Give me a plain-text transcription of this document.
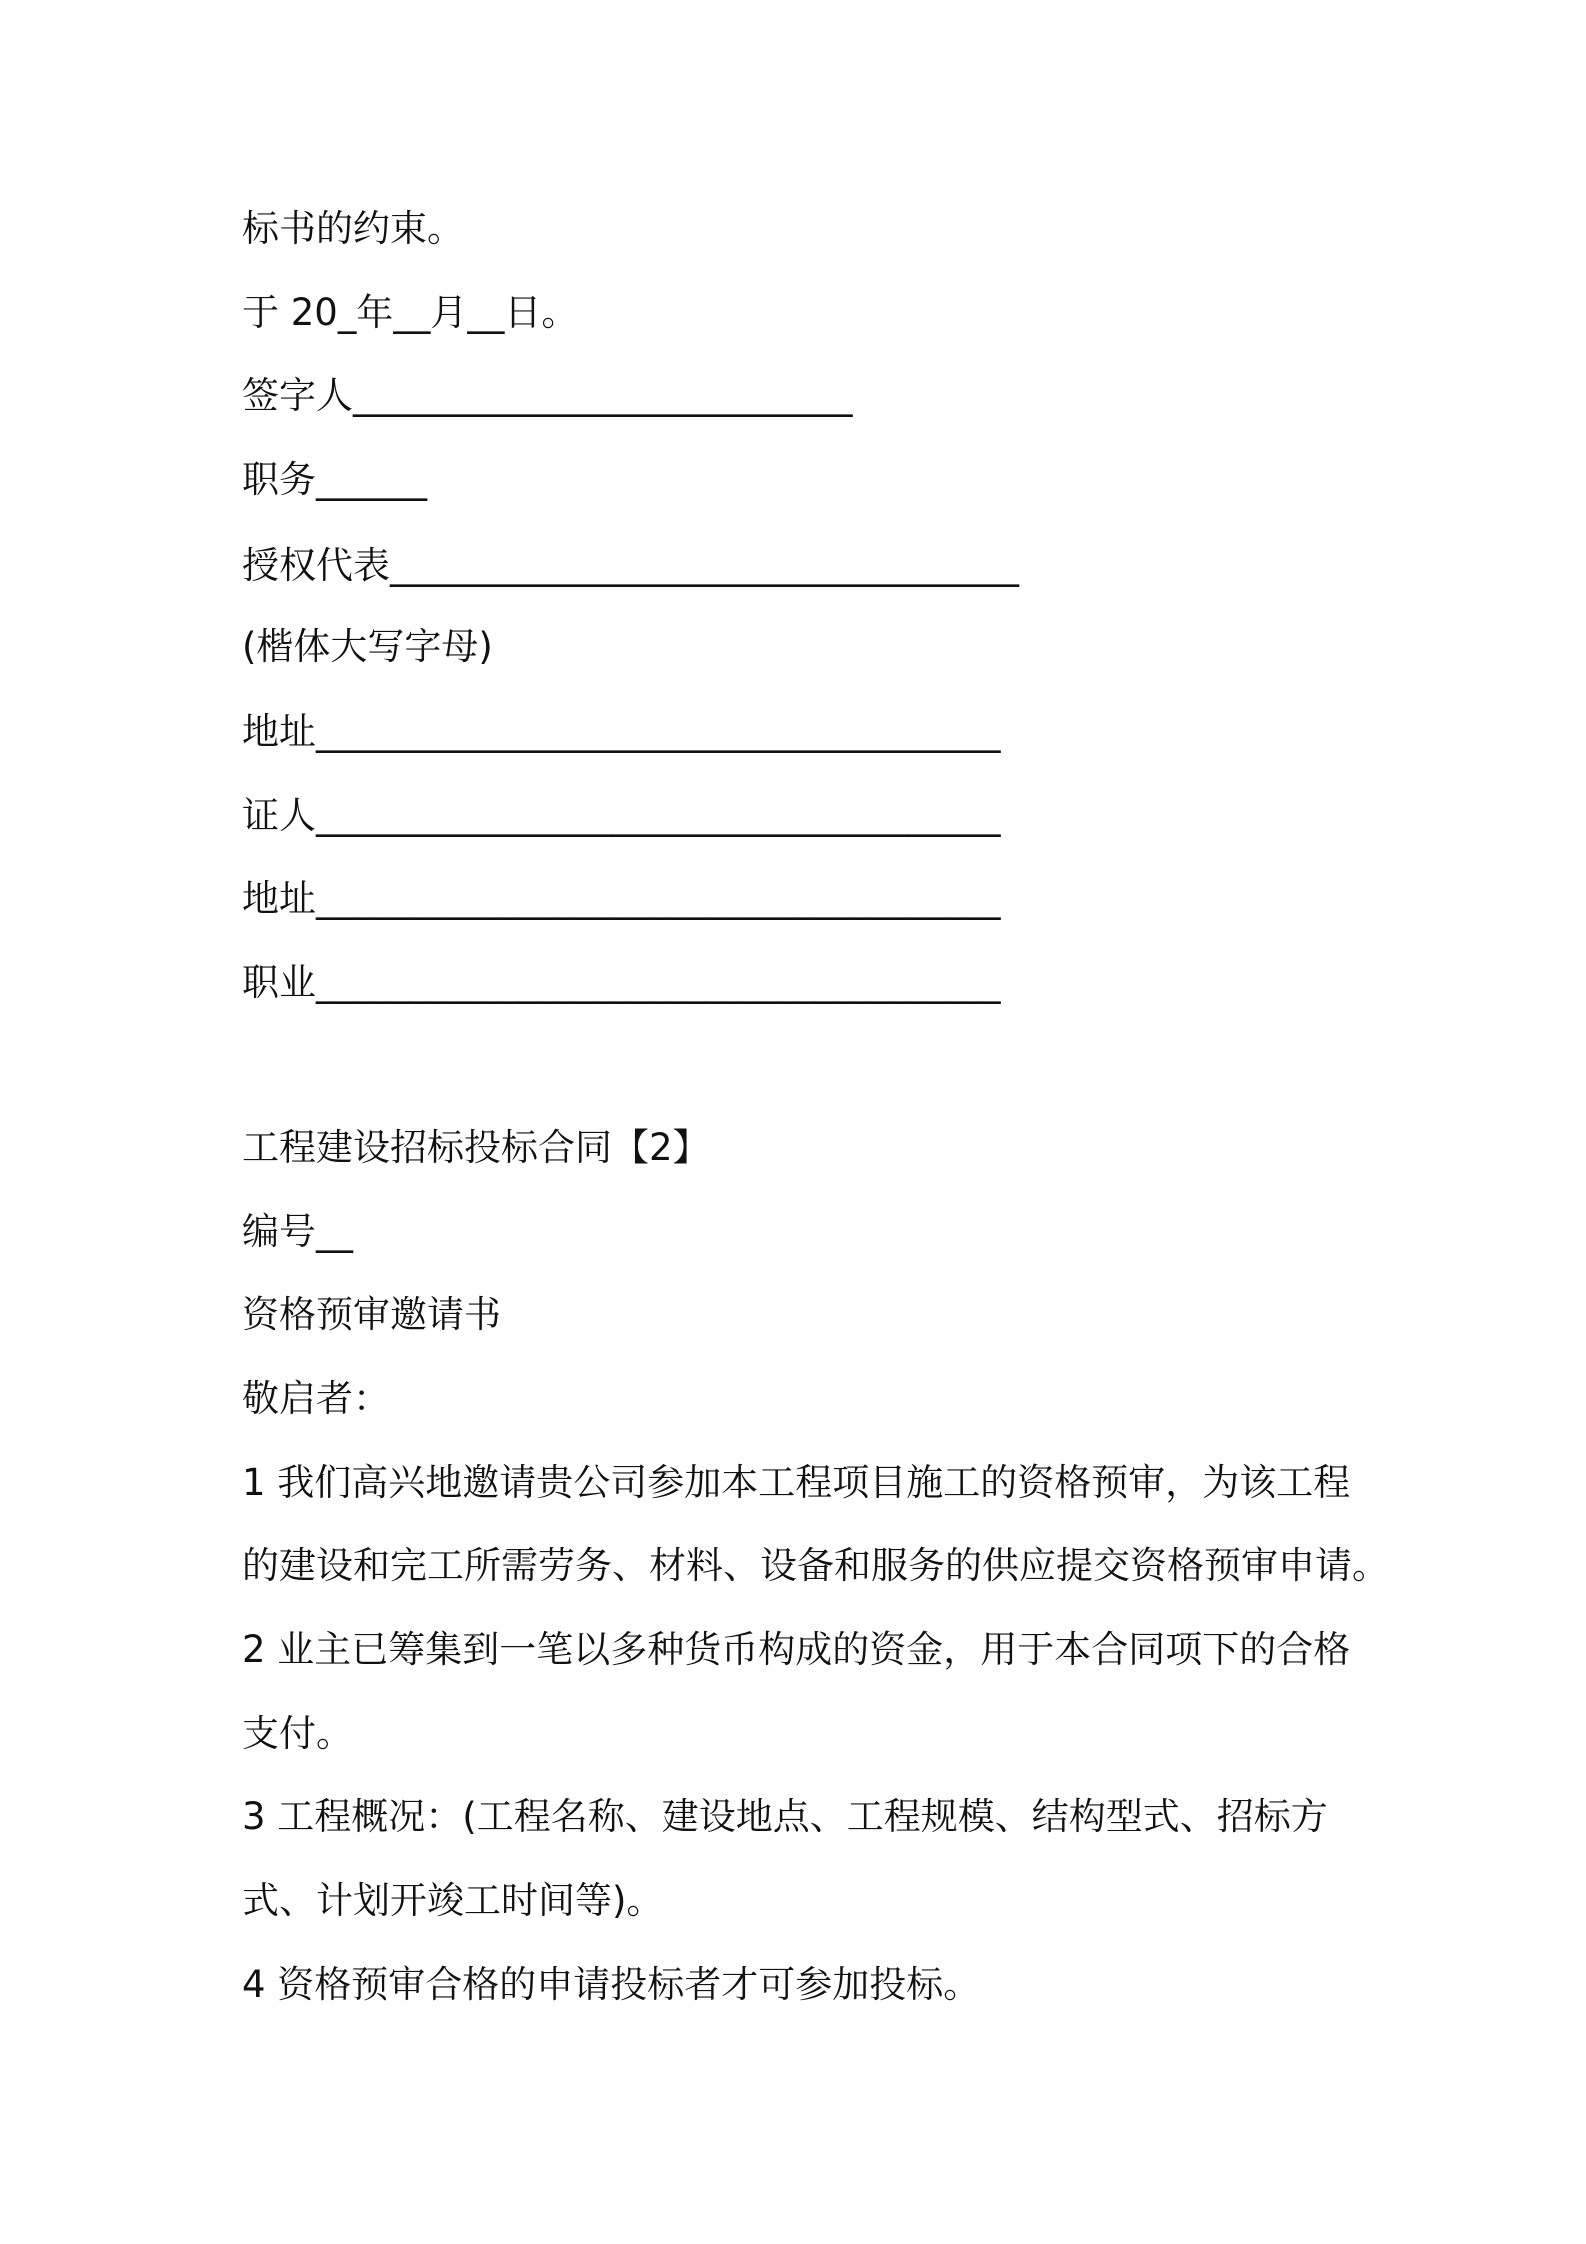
标书的约束。

于 20_年__月__日。

签字人___________________________

职务______

授权代表__________________________________

(楷体大写字母)

地址_____________________________________

证人_____________________________________

地址_____________________________________

职业_____________________________________

工程建设招标投标合同【2】

编号__

资格预审邀请书

敬启者：

1 我们高兴地邀请贵公司参加本工程项目施工的资格预审，为该工程

的建设和完工所需劳务、材料、设备和服务的供应提交资格预审申请。

2 业主已筹集到一笔以多种货币构成的资金，用于本合同项下的合格

支付。

3 工程概况：(工程名称、建设地点、工程规模、结构型式、招标方

式、计划开竣工时间等)。

4 资格预审合格的申请投标者才可参加投标。
